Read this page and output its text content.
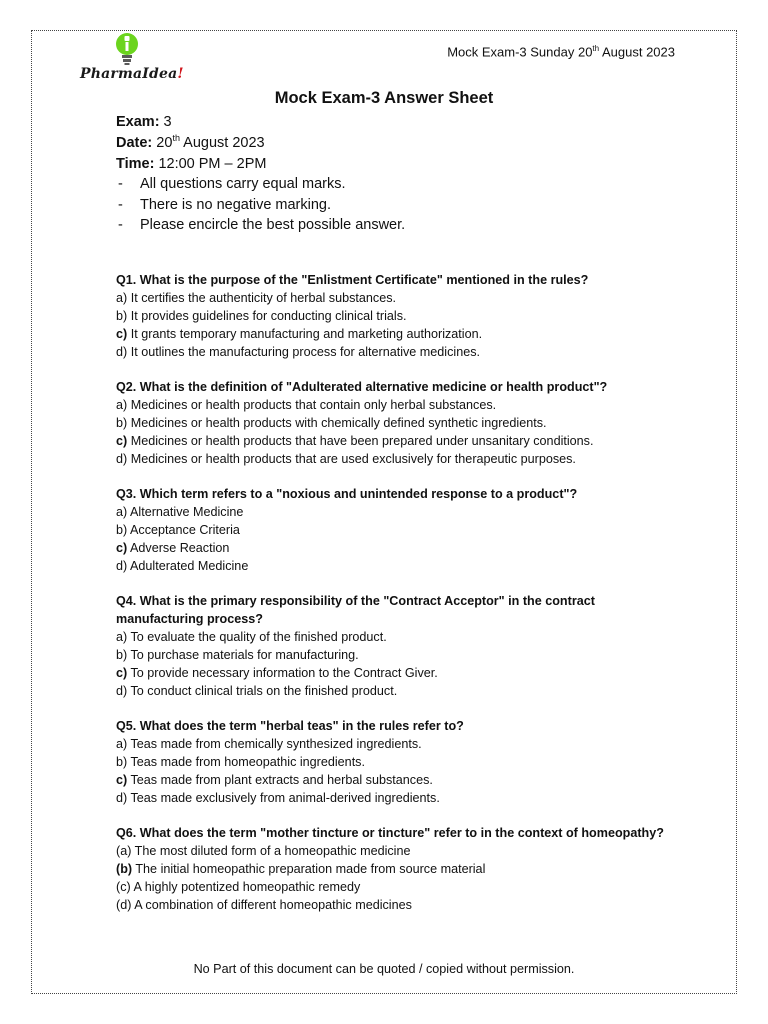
PharmaIdea!
Mock Exam-3 Sunday 20th August 2023
Mock Exam-3 Answer Sheet
Exam: 3
Date: 20th August 2023
Time: 12:00 PM – 2PM
- All questions carry equal marks.
- There is no negative marking.
- Please encircle the best possible answer.
Q1. What is the purpose of the "Enlistment Certificate" mentioned in the rules?
a) It certifies the authenticity of herbal substances.
b) It provides guidelines for conducting clinical trials.
c) It grants temporary manufacturing and marketing authorization.
d) It outlines the manufacturing process for alternative medicines.
Q2. What is the definition of "Adulterated alternative medicine or health product"?
a) Medicines or health products that contain only herbal substances.
b) Medicines or health products with chemically defined synthetic ingredients.
c) Medicines or health products that have been prepared under unsanitary conditions.
d) Medicines or health products that are used exclusively for therapeutic purposes.
Q3. Which term refers to a "noxious and unintended response to a product"?
a) Alternative Medicine
b) Acceptance Criteria
c) Adverse Reaction
d) Adulterated Medicine
Q4. What is the primary responsibility of the "Contract Acceptor" in the contract manufacturing process?
a) To evaluate the quality of the finished product.
b) To purchase materials for manufacturing.
c) To provide necessary information to the Contract Giver.
d) To conduct clinical trials on the finished product.
Q5. What does the term "herbal teas" in the rules refer to?
a) Teas made from chemically synthesized ingredients.
b) Teas made from homeopathic ingredients.
c) Teas made from plant extracts and herbal substances.
d) Teas made exclusively from animal-derived ingredients.
Q6. What does the term "mother tincture or tincture" refer to in the context of homeopathy?
(a) The most diluted form of a homeopathic medicine
(b) The initial homeopathic preparation made from source material
(c) A highly potentized homeopathic remedy
(d) A combination of different homeopathic medicines
No Part of this document can be quoted / copied without permission.
